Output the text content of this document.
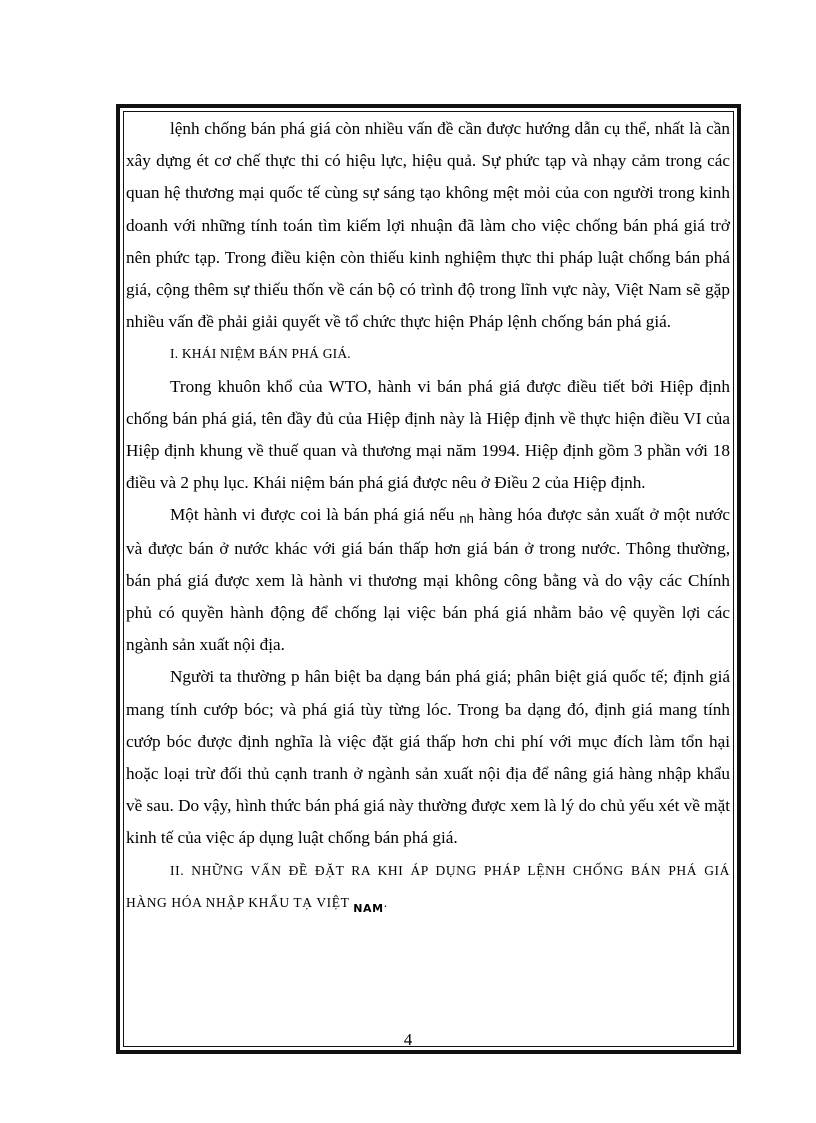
lệnh chống bán phá giá còn nhiều vấn đề cần được hướng dẫn cụ thể, nhất là cần xây dựng ét cơ chế thực thi có hiệu lực, hiệu quả. Sự phức tạp và nhạy cảm trong các quan hệ thương mại quốc tế cùng sự sáng tạo không mệt mỏi của con người trong kinh doanh với những tính toán tìm kiếm lợi nhuận đã làm cho việc chống bán phá giá trở nên phức tạp. Trong điều kiện còn thiếu kinh nghiệm thực thi pháp luật chống bán phá giá, cộng thêm sự thiếu thốn về cán bộ có trình độ trong lĩnh vực này, Việt Nam sẽ gặp nhiều vấn đề phải giải quyết về tổ chức thực hiện Pháp lệnh chống bán phá giá.

I. KHÁI NIỆM BÁN PHÁ GIÁ.

Trong khuôn khổ của WTO, hành vi bán phá giá được điều tiết bởi Hiệp định chống bán phá giá, tên đầy đủ của Hiệp định này là Hiệp định về thực hiện điều VI của Hiệp định khung về thuế quan và thương mại năm 1994. Hiệp định gồm 3 phần với 18 điều và 2 phụ lục. Khái niệm bán phá giá được nêu ở Điều 2 của Hiệp định.

Một hành vi được coi là bán phá giá nếu nh hàng hóa được sản xuất ở một nước và được bán ở nước khác với giá bán thấp hơn giá bán ở trong nước. Thông thường, bán phá giá được xem là hành vi thương mại không công bằng và do vậy các Chính phủ có quyền hành động để chống lại việc bán phá giá nhằm bảo vệ quyền lợi các ngành sản xuất nội địa.

Người ta thường p hân biệt ba dạng bán phá giá; phân biệt giá quốc tế; định giá mang tính cướp bóc; và phá giá tùy từng lóc. Trong ba dạng đó, định giá mang tính cướp bóc được định nghĩa là việc đặt giá thấp hơn chi phí với mục đích làm tổn hại hoặc loại trừ đối thủ cạnh tranh ở ngành sản xuất nội địa để nâng giá hàng nhập khẩu về sau. Do vậy, hình thức bán phá giá này thường được xem là lý do chủ yếu xét về mặt kinh tế của việc áp dụng luật chống bán phá giá.

II. NHỮNG VẤN ĐỀ ĐẶT RA KHI ÁP DỤNG PHÁP LỆNH CHỐNG BÁN PHÁ GIÁ HÀNG HÓA NHẬP KHẨU TẠ VIỆT $_{NAM}$.

4
